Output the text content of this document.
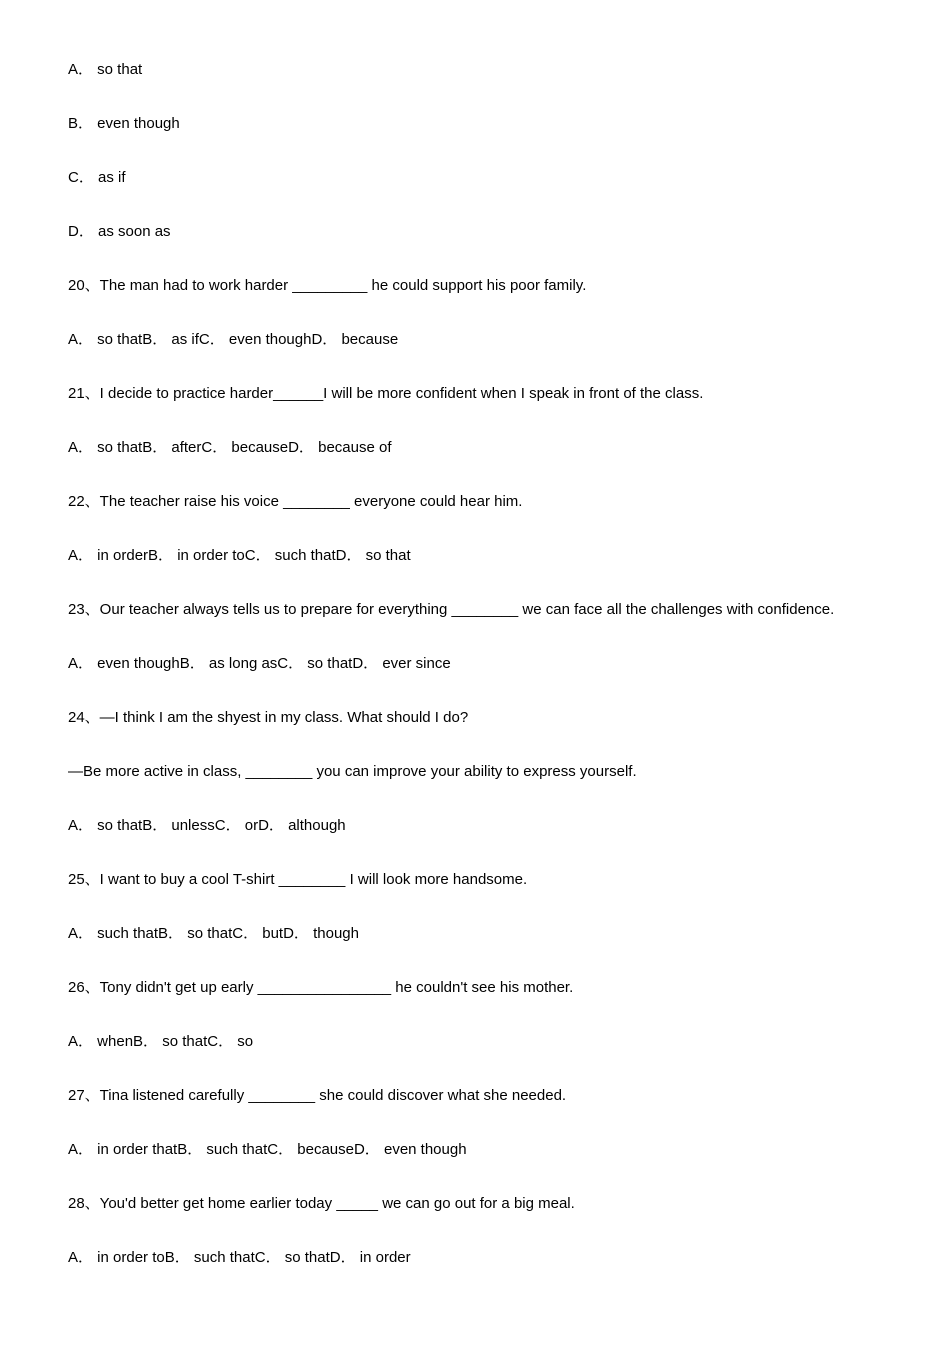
A． so that
B． even though
C． as if
D． as soon as
20、The man had to work harder _________ he could support his poor family.
A． so thatB． as ifC． even thoughD． because
21、I decide to practice harder______I will be more confident when I speak in front of the class.
A． so thatB． afterC． becauseD． because of
22、The teacher raise his voice ________ everyone could hear him.
A． in orderB． in order toC． such thatD． so that
23、Our teacher always tells us to prepare for everything ________ we can face all the challenges with confidence.
A． even thoughB． as long asC． so thatD． ever since
24、—I think I am the shyest in my class. What should I do?
—Be more active in class, ________ you can improve your ability to express yourself.
A． so thatB． unlessC． orD． although
25、I want to buy a cool T-shirt ________ I will look more handsome.
A． such thatB． so thatC． butD． though
26、Tony didn't get up early ________________ he couldn't see his mother.
A． whenB． so thatC． so
27、Tina listened carefully ________ she could discover what she needed.
A． in order thatB． such thatC． becauseD． even though
28、You'd better get home earlier today _____ we can go out for a big meal.
A． in order toB． such thatC． so thatD． in order
